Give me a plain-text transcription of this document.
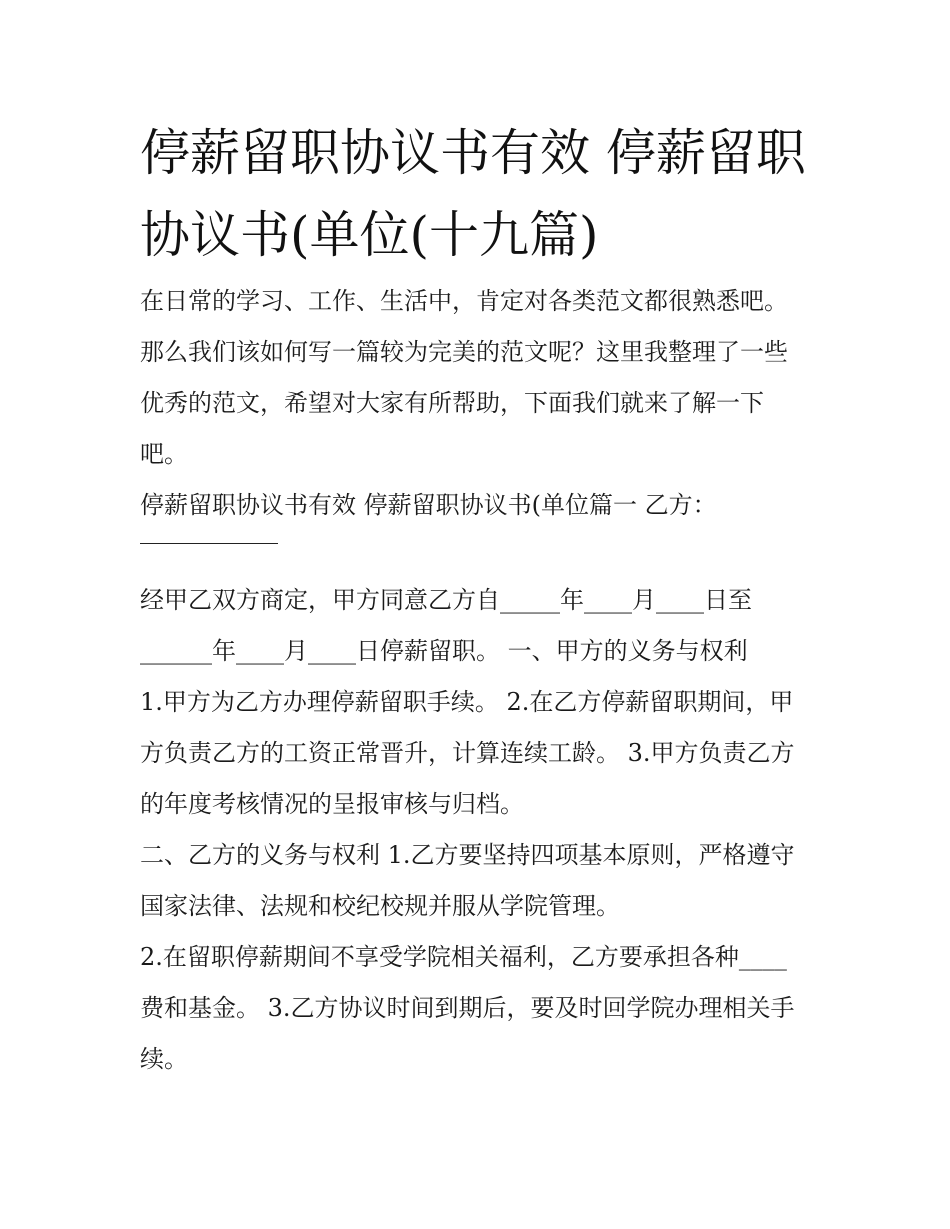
停薪留职协议书有效 停薪留职
协议书(单位(十九篇)
在日常的学习、工作、生活中，肯定对各类范文都很熟悉吧。
那么我们该如何写一篇较为完美的范文呢？这里我整理了一些
优秀的范文，希望对大家有所帮助，下面我们就来了解一下
吧。
停薪留职协议书有效 停薪留职协议书(单位篇一 乙方：
经甲乙双方商定，甲方同意乙方自_____年____月____日至
______年____月____日停薪留职。 一、甲方的义务与权利
1.甲方为乙方办理停薪留职手续。 2.在乙方停薪留职期间，甲
方负责乙方的工资正常晋升，计算连续工龄。 3.甲方负责乙方
的年度考核情况的呈报审核与归档。
二、乙方的义务与权利 1.乙方要坚持四项基本原则，严格遵守
国家法律、法规和校纪校规并服从学院管理。
2.在留职停薪期间不享受学院相关福利，乙方要承担各种____
费和基金。 3.乙方协议时间到期后，要及时回学院办理相关手
续。
